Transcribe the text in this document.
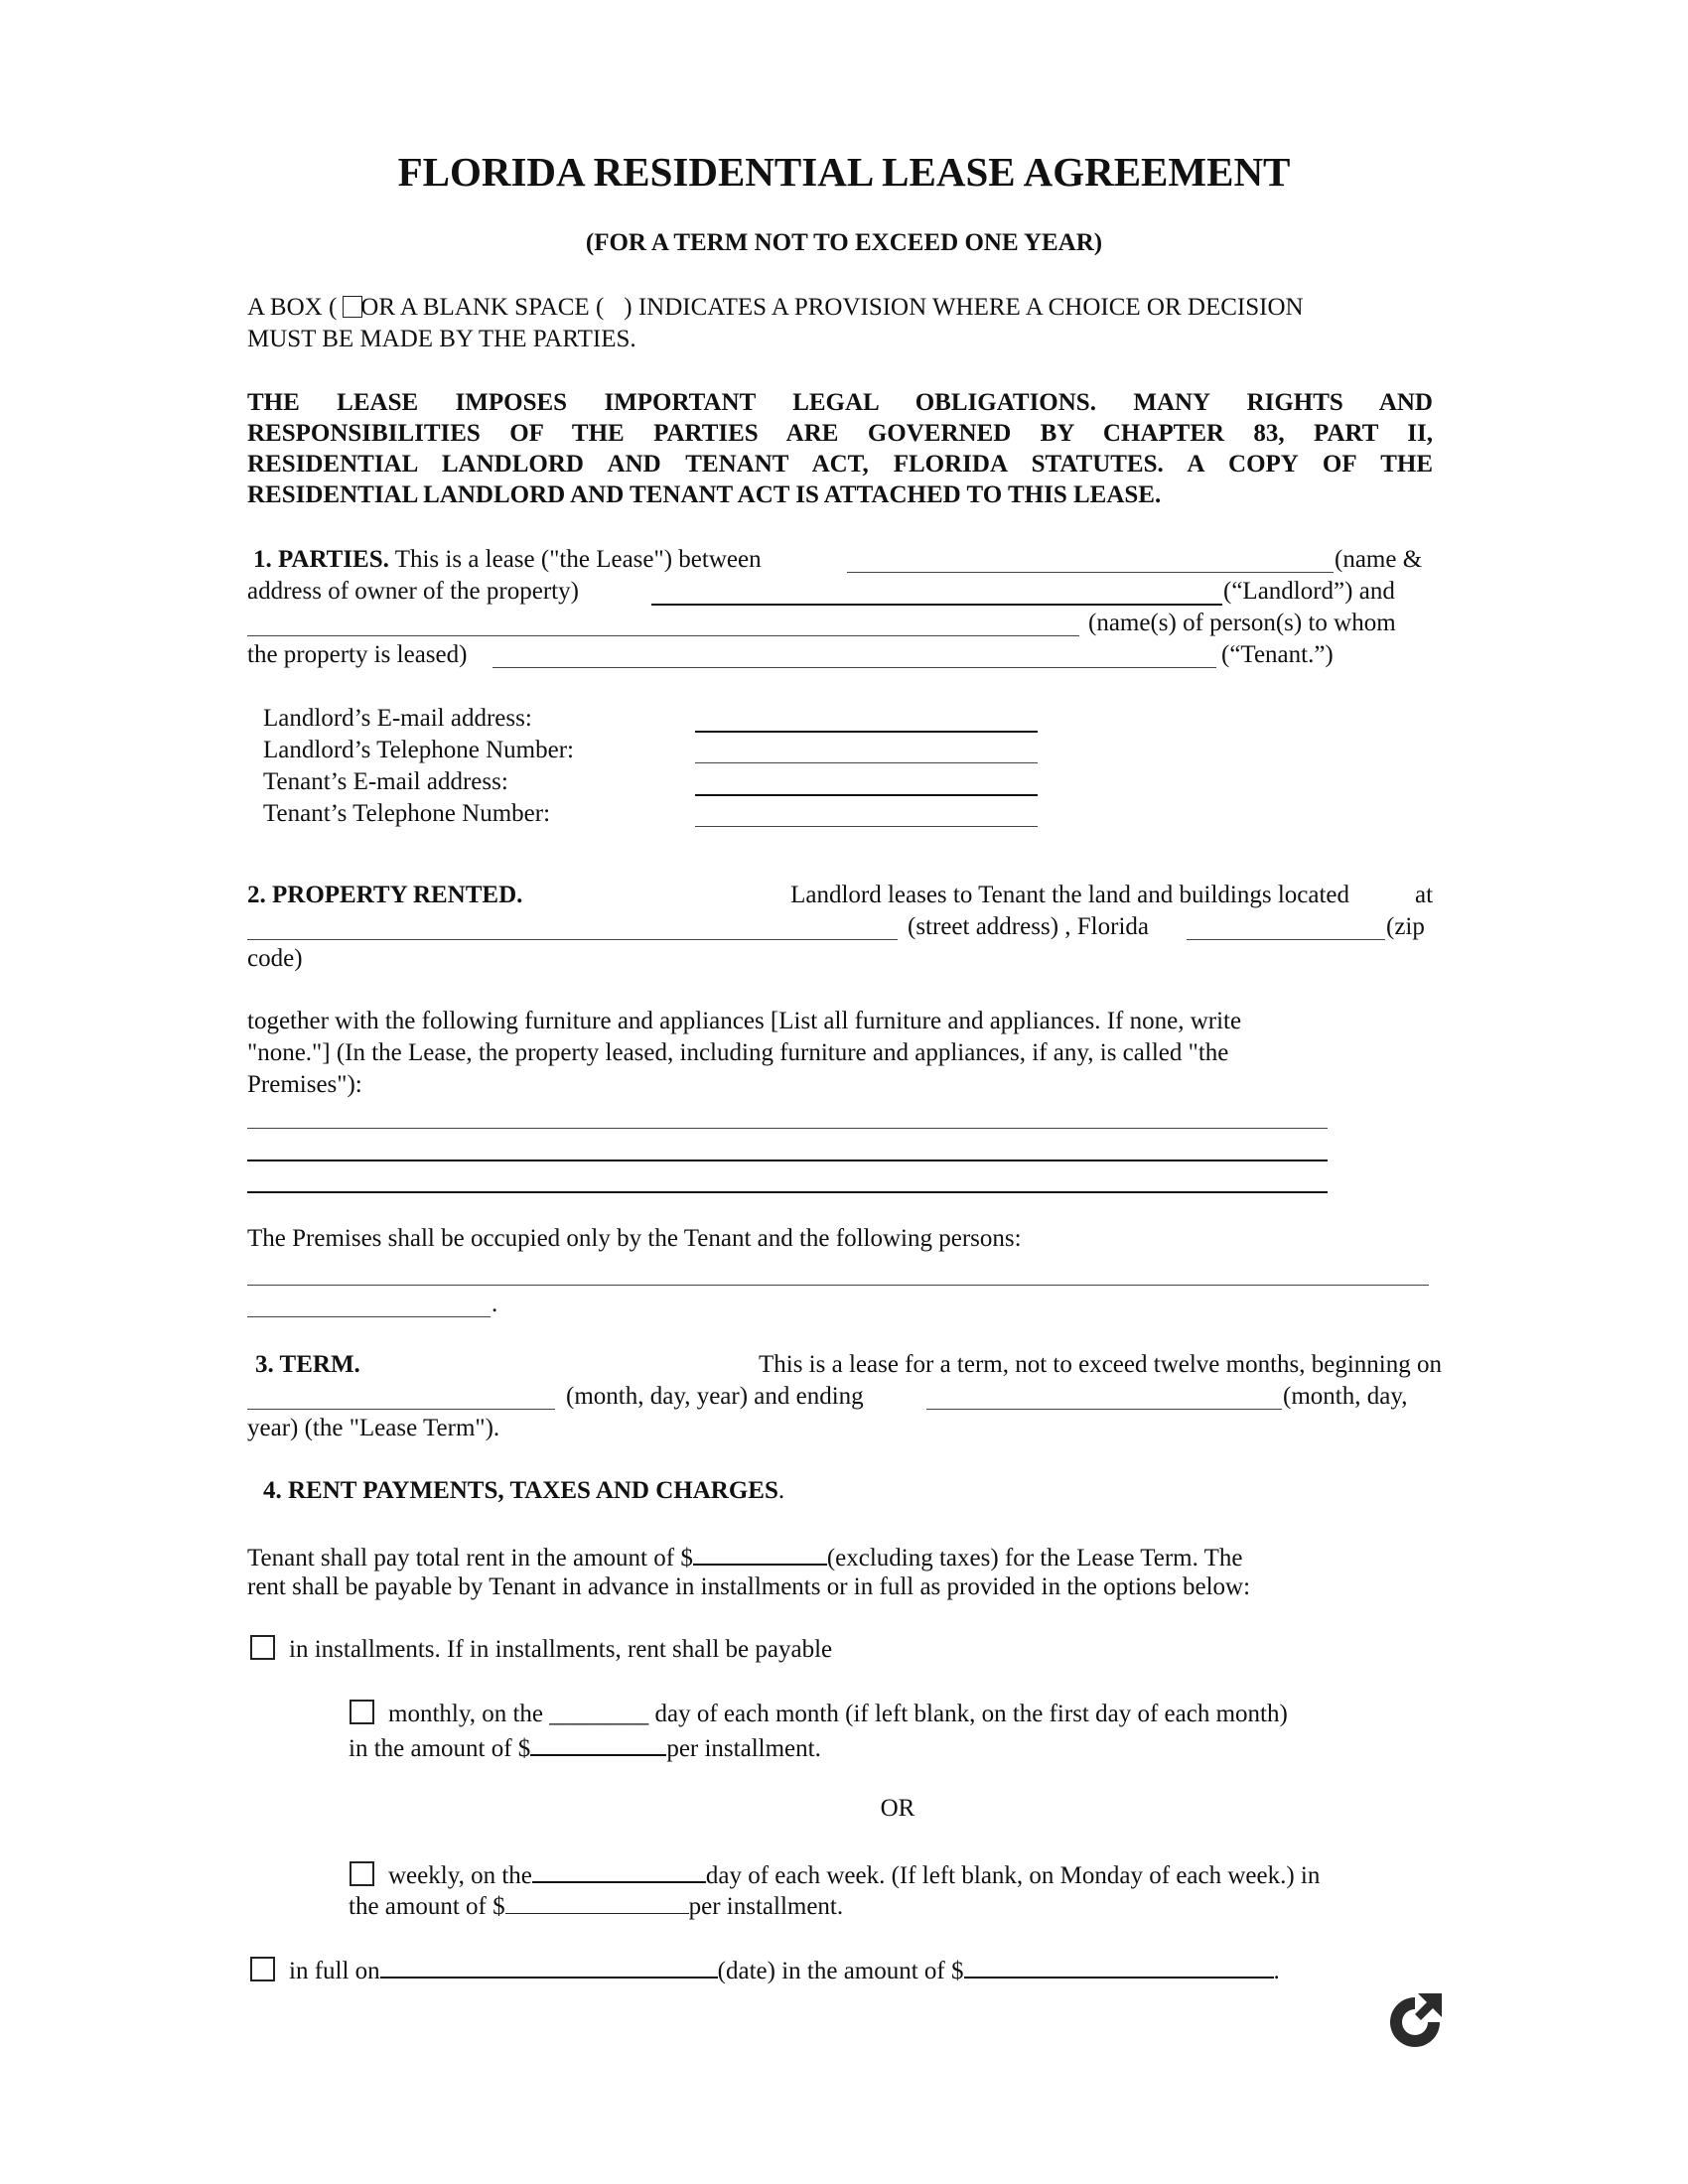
FLORIDA RESIDENTIAL LEASE AGREEMENT
(FOR A TERM NOT TO EXCEED ONE YEAR)
A BOX ( OR A BLANK SPACE ( ) INDICATES A PROVISION WHERE A CHOICE OR DECISION
MUST BE MADE BY THE PARTIES.
THE LEASE IMPOSES IMPORTANT LEGAL OBLIGATIONS. MANY RIGHTS AND
RESPONSIBILITIES OF THE PARTIES ARE GOVERNED BY CHAPTER 83, PART II,
RESIDENTIAL LANDLORD AND TENANT ACT, FLORIDA STATUTES. A COPY OF THE
RESIDENTIAL LANDLORD AND TENANT ACT IS ATTACHED TO THIS LEASE.
1. PARTIES. This is a lease ("the Lease") between	(name &
address of owner of the property)	(“Landlord”) and
(name(s) of person(s) to whom
the property is leased)	(“Tenant.”)
Landlord’s E-mail address:
Landlord’s Telephone Number:
Tenant’s E-mail address:
Tenant’s Telephone Number:
2. PROPERTY RENTED.	Landlord leases to Tenant the land and buildings located	at
(street address) , Florida	(zip
code)
together with the following furniture and appliances [List all furniture and appliances. If none, write
"none."] (In the Lease, the property leased, including furniture and appliances, if any, is called "the
Premises"):
The Premises shall be occupied only by the Tenant and the following persons:
.
3. TERM.	This is a lease for a term, not to exceed twelve months, beginning on
(month, day, year) and ending	(month, day,
year) (the "Lease Term").
4. RENT PAYMENTS, TAXES AND CHARGES.
Tenant shall pay total rent in the amount of $	(excluding taxes) for the Lease Term. The
rent shall be payable by Tenant in advance in installments or in full as provided in the options below:
in installments. If in installments, rent shall be payable
monthly, on the ________ day of each month (if left blank, on the first day of each month)
in the amount of $	per installment.
OR
weekly, on the	day of each week. (If left blank, on Monday of each week.) in
the amount of $	per installment.
in full on	(date) in the amount of $	.
